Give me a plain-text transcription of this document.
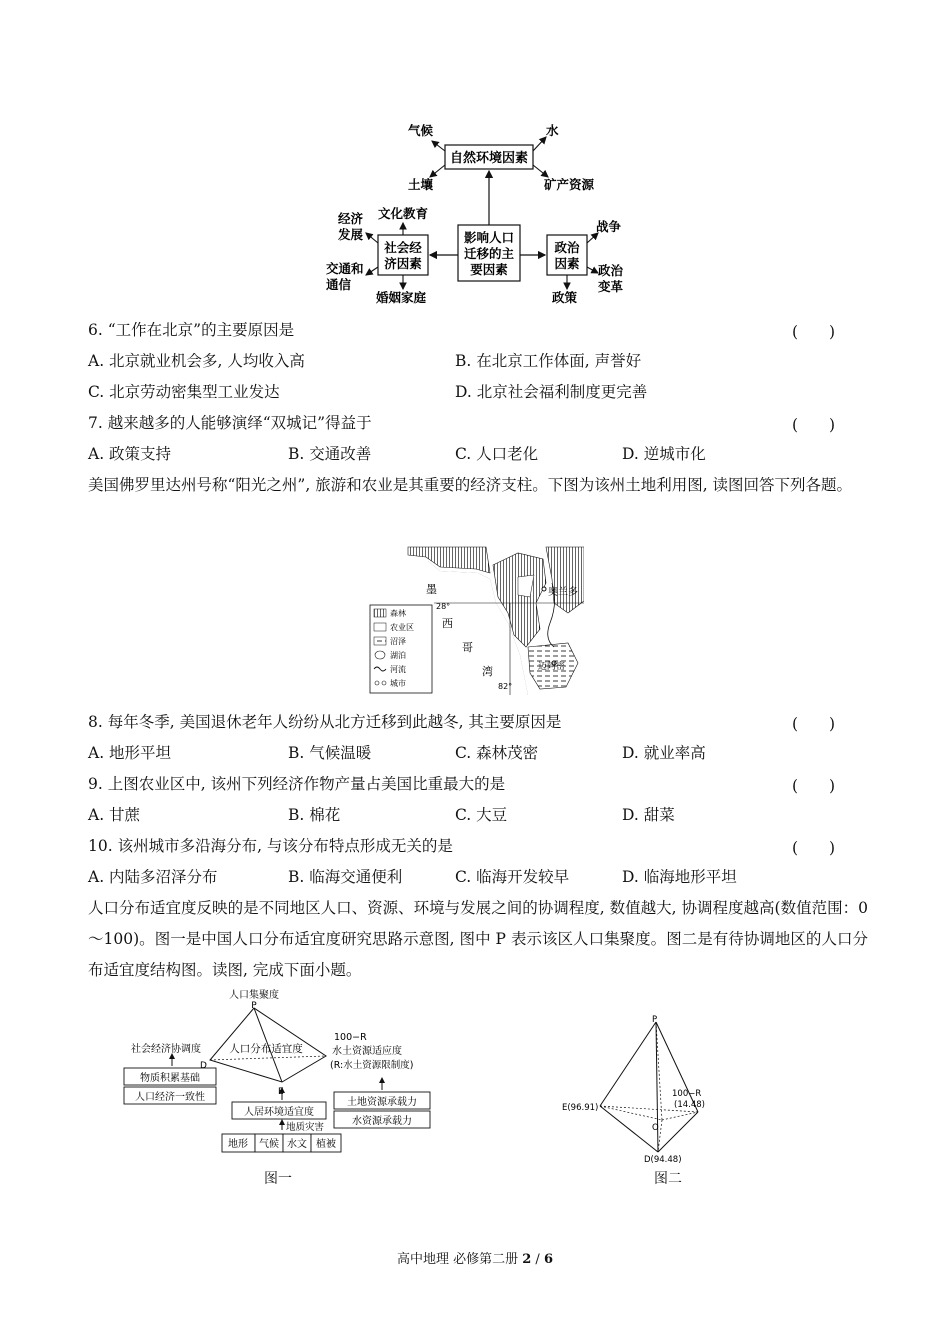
自然环境因素
影响人口
迁移的主
要因素
社会经
济因素
政治
因素
气候	水
土壤	矿产资源
文化教育
经济
发展
交通和
通信
婚姻家庭
战争
政治
变革
政策
6. “工作在北京”的主要原因是	(　　)
A. 北京就业机会多, 人均收入高	B. 在北京工作体面, 声誉好
C. 北京劳动密集型工业发达	D. 北京社会福利制度更完善
7. 越来越多的人能够演绎“双城记”得益于	(　　)
A. 政策支持	B. 交通改善	C. 人口老化	D. 逆城市化
美国佛罗里达州号称“阳光之州”, 旅游和农业是其重要的经济支柱。下图为该州土地利用图, 读图回答下列各题。
森林
农业区
沼泽
湖泊
河流
城市
墨
西
哥
湾
奥兰多
迈阿密
28°
82°
8. 每年冬季, 美国退休老年人纷纷从北方迁移到此越冬, 其主要原因是	(　　)
A. 地形平坦	B. 气候温暖	C. 森林茂密	D. 就业率高
9. 上图农业区中, 该州下列经济作物产量占美国比重最大的是	(　　)
A. 甘蔗	B. 棉花	C. 大豆	D. 甜菜
10. 该州城市多沿海分布, 与该分布特点形成无关的是	(　　)
A. 内陆多沼泽分布	B. 临海交通便利	C. 临海开发较早	D. 临海地形平坦
人口分布适宜度反映的是不同地区人口、资源、环境与发展之间的协调程度, 数值越大, 协调程度越高(数值范围：0～100)。图一是中国人口分布适宜度研究思路示意图, 图中 P 表示该区人口集聚度。图二是有待协调地区的人口分布适宜度结构图。读图, 完成下面小题。
人口集聚度
P
人口分布适宜度
社会经济协调度
D
E
100−R
水土资源适应度
(R:水土资源限制度)
物质积累基础
人口经济一致性	土地资源承载力
水资源承载力
人居环境适宜度
地质灾害
地形 气候 水文 植被
P
100−R
(14.48)
E(96.91)
O
D(94.48)
图一	图二
高中地理 必修第二册 2 / 6
